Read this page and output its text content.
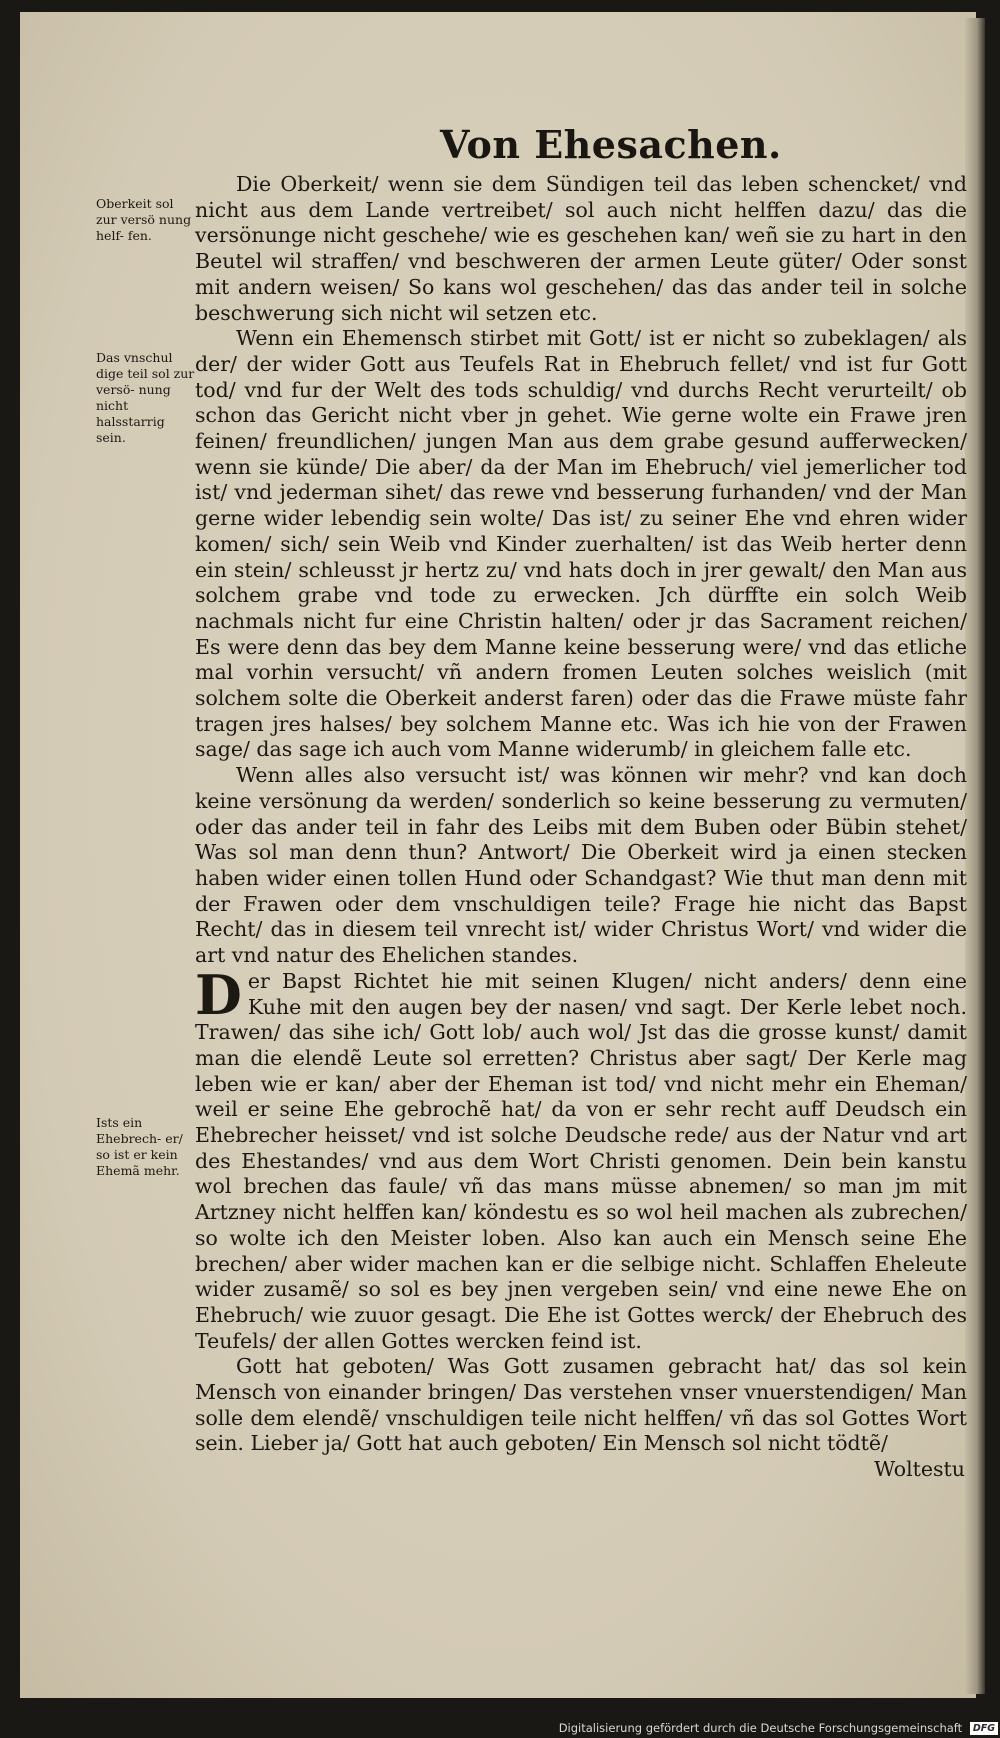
Von Ehesachen.
Oberkeit sol zur versö nung helf- fen.
Das vnschul dige teil sol zur versö- nung nicht halsstarrig sein.
Ists ein Ehebrech- er/ so ist er kein Ehemã mehr.

Die Oberkeit/ wenn sie dem Sündigen teil das leben schencket/ vnd nicht aus dem Lande vertreibet/ sol auch nicht helffen dazu/ das die versönunge nicht geschehe/ wie es geschehen kan/ weñ sie zu hart in den Beutel wil straffen/ vnd beschweren der armen Leute güter/ Oder sonst mit andern weisen/ So kans wol geschehen/ das das ander teil in solche beschwerung sich nicht wil setzen etc.

Wenn ein Ehemensch stirbet mit Gott/ ist er nicht so zubeklagen/ als der/ der wider Gott aus Teufels Rat in Ehebruch fellet/ vnd ist fur Gott tod/ vnd fur der Welt des tods schuldig/ vnd durchs Recht verurteilt/ ob schon das Gericht nicht vber jn gehet. Wie gerne wolte ein Frawe jren feinen/ freundlichen/ jungen Man aus dem grabe gesund aufferwecken/ wenn sie künde/ Die aber/ da der Man im Ehebruch/ viel jemerlicher tod ist/ vnd jederman sihet/ das rewe vnd besserung furhanden/ vnd der Man gerne wider lebendig sein wolte/ Das ist/ zu seiner Ehe vnd ehren wider komen/ sich/ sein Weib vnd Kinder zuerhalten/ ist das Weib herter denn ein stein/ schleusst jr hertz zu/ vnd hats doch in jrer gewalt/ den Man aus solchem grabe vnd tode zu erwecken. Jch dürffte ein solch Weib nachmals nicht fur eine Christin halten/ oder jr das Sacrament reichen/ Es were denn das bey dem Manne keine besserung were/ vnd das etliche mal vorhin versucht/ vñ andern fromen Leuten solches weislich (mit solchem solte die Oberkeit anderst faren) oder das die Frawe müste fahr tragen jres halses/ bey solchem Manne etc. Was ich hie von der Frawen sage/ das sage ich auch vom Manne widerumb/ in gleichem falle etc.

Wenn alles also versucht ist/ was können wir mehr? vnd kan doch keine versönung da werden/ sonderlich so keine besserung zu vermuten/ oder das ander teil in fahr des Leibs mit dem Buben oder Bübin stehet/ Was sol man denn thun? Antwort/ Die Oberkeit wird ja einen stecken haben wider einen tollen Hund oder Schandgast? Wie thut man denn mit der Frawen oder dem vnschuldigen teile? Frage hie nicht das Bapst Recht/ das in diesem teil vnrecht ist/ wider Christus Wort/ vnd wider die art vnd natur des Ehelichen standes.

Der Bapst Richtet hie mit seinen Klugen/ nicht anders/ denn eine Kuhe mit den augen bey der nasen/ vnd sagt. Der Kerle lebet noch. Trawen/ das sihe ich/ Gott lob/ auch wol/ Jst das die grosse kunst/ damit man die elendẽ Leute sol erretten? Christus aber sagt/ Der Kerle mag leben wie er kan/ aber der Eheman ist tod/ vnd nicht mehr ein Eheman/ weil er seine Ehe gebrochẽ hat/ da von er sehr recht auff Deudsch ein Ehebrecher heisset/ vnd ist solche Deudsche rede/ aus der Natur vnd art des Ehestandes/ vnd aus dem Wort Christi genomen. Dein bein kanstu wol brechen das faule/ vñ das mans müsse abnemen/ so man jm mit Artzney nicht helffen kan/ köndestu es so wol heil machen als zubrechen/ so wolte ich den Meister loben. Also kan auch ein Mensch seine Ehe brechen/ aber wider machen kan er die selbige nicht. Schlaffen Eheleute wider zusamẽ/ so sol es bey jnen vergeben sein/ vnd eine newe Ehe on Ehebruch/ wie zuuor gesagt. Die Ehe ist Gottes werck/ der Ehebruch des Teufels/ der allen Gottes wercken feind ist.

Gott hat geboten/ Was Gott zusamen gebracht hat/ das sol kein Mensch von einander bringen/ Das verstehen vnser vnuerstendigen/ Man solle dem elendẽ/ vnschuldigen teile nicht helffen/ vñ das sol Gottes Wort sein. Lieber ja/ Gott hat auch geboten/ Ein Mensch sol nicht tödtẽ/

Woltestu

Digitalisierung gefördert durch die Deutsche Forschungsgemeinschaft DFG
